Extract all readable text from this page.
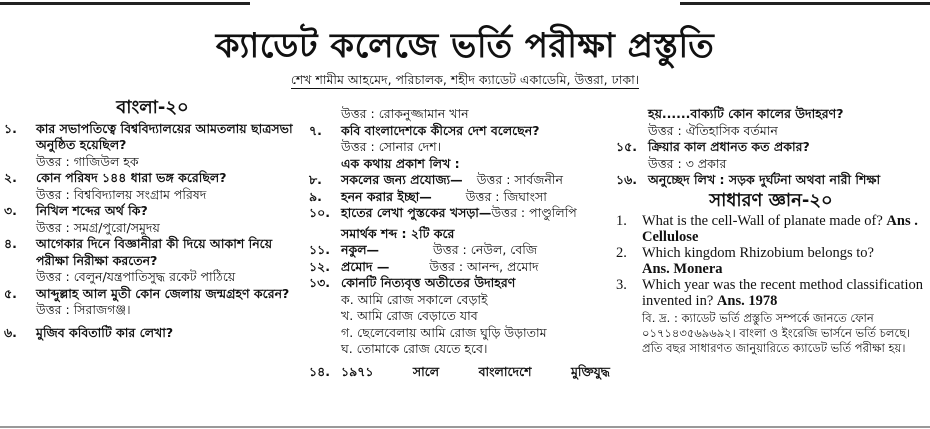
ক্যাডেট কলেজে ভর্তি পরীক্ষা প্রস্তুতি
শেখ শামীম আহমেদ, পরিচালক, শহীদ ক্যাডেট একাডেমি, উত্তরা, ঢাকা।
বাংলা-২০
১.	কার সভাপতিত্বে বিশ্ববিদ্যালয়ের আমতলায় ছাত্রসভা অনুষ্ঠিত হয়েছিল?
উত্তর : গাজিউল হক
২.	কোন পরিষদ ১৪৪ ধারা ভঙ্গ করেছিল?
উত্তর : বিশ্ববিদ্যালয় সংগ্রাম পরিষদ
৩.	নিখিল শব্দের অর্থ কি?
উত্তর : সমগ্র/পুরো/সমুদয়
৪.	আগেকার দিনে বিজ্ঞানীরা কী দিয়ে আকাশ নিয়ে পরীক্ষা নিরীক্ষা করতেন?
উত্তর : বেলুন/যন্ত্রপাতিসুদ্ধ রকেট পাঠিয়ে
৫.	আব্দুল্লাহ আল মুতী কোন জেলায় জন্মগ্রহণ করেন?
উত্তর : সিরাজগঞ্জ।
৬.	মুজিব কবিতাটি কার লেখা?
উত্তর : রোকনুজ্জামান খান
৭.	কবি বাংলাদেশকে কীসের দেশ বলেছেন?
উত্তর : সোনার দেশ।
এক কথায় প্রকাশ লিখ :
৮.	সকলের জন্য প্রযোজ্য— উত্তর : সার্বজনীন
৯.	হনন করার ইচ্ছা—	উত্তর : জিঘাংসা
১০. হাতের লেখা পুস্তকের খসড়া—উত্তর : পাণ্ডুলিপি
সমার্থক শব্দ : ২টি করে
১১. নকুল—	উত্তর : নেউল, বেজি
১২. প্রমোদ —	উত্তর : আনন্দ, প্রমোদ
১৩. কোনটি নিত্যবৃত্ত অতীতের উদাহরণ
ক. আমি রোজ সকালে বেড়াই
খ. আমি রোজ বেড়াতে যাব
গ. ছেলেবেলায় আমি রোজ ঘুড়ি উড়াতাম
ঘ. তোমাকে রোজ যেতে হবে।
১৪. ১৯৭১	সালে	বাংলাদেশে	মুক্তিযুদ্ধ
হয়......বাক্যটি কোন কালের উদাহরণ?
উত্তর : ঐতিহাসিক বর্তমান
১৫. ক্রিয়ার কাল প্রধানত কত প্রকার?
উত্তর : ৩ প্রকার
১৬. অনুচ্ছেদ লিখ : সড়ক দুর্ঘটনা অথবা নারী শিক্ষা
সাধারণ জ্ঞান-২০
1.	What is the cell-Wall of planate made of? Ans . Cellulose
2.	Which kingdom Rhizobium belongs to?
Ans. Monera
3.	Which year was the recent method classification invented in? Ans. 1978
বি. দ্র. : ক্যাডেট ভর্তি প্রস্তুতি সম্পর্কে জানতে ফোন ০১৭১৪৩৫৬৯৬৯২। বাংলা ও ইংরেজি ভার্সনে ভর্তি চলছে। প্রতি বছর সাধারণত জানুয়ারিতে ক্যাডেট ভর্তি পরীক্ষা হয়।
